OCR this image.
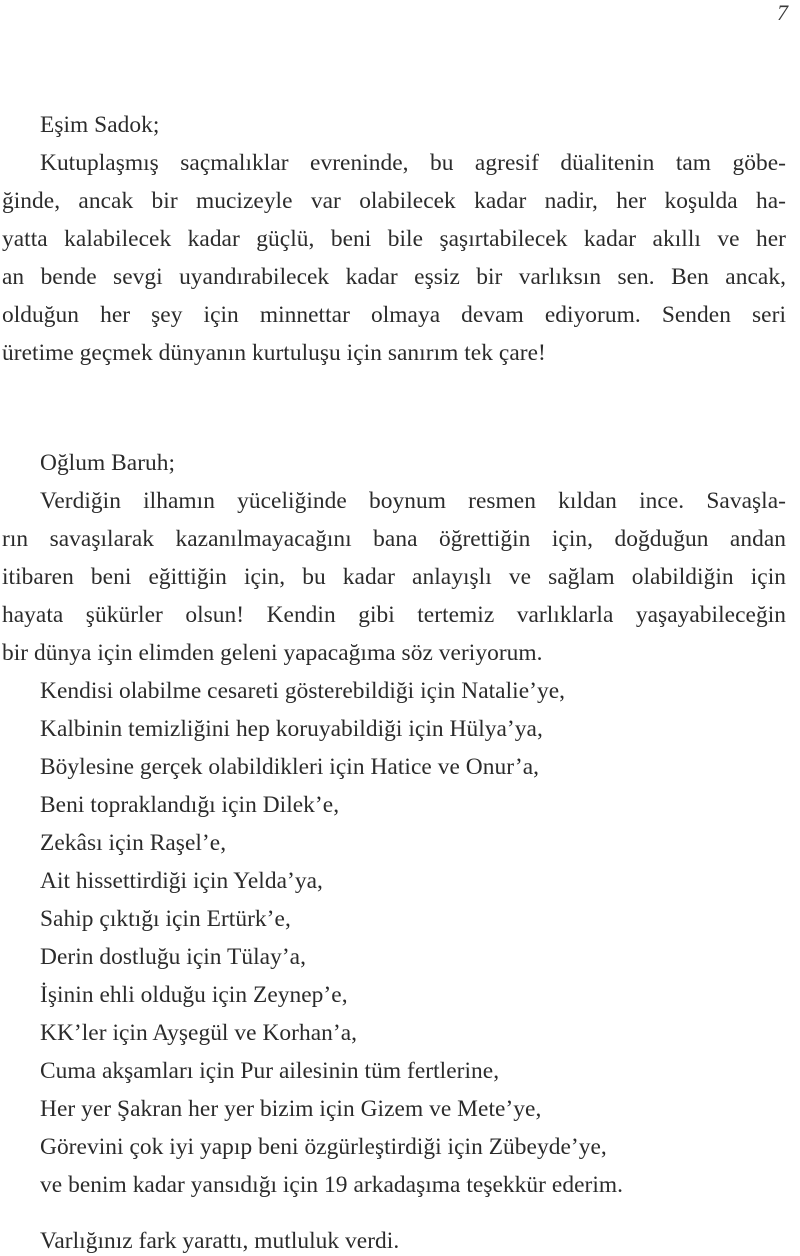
7
Eşim Sadok;
Kutuplaşmış saçmalıklar evreninde, bu agresif düalitenin tam göbe-
ğinde, ancak bir mucizeyle var olabilecek kadar nadir, her koşulda ha-
yatta kalabilecek kadar güçlü, beni bile şaşırtabilecek kadar akıllı ve her
an bende sevgi uyandırabilecek kadar eşsiz bir varlıksın sen. Ben ancak,
olduğun her şey için minnettar olmaya devam ediyorum. Senden seri
üretime geçmek dünyanın kurtuluşu için sanırım tek çare!
Oğlum Baruh;
Verdiğin ilhamın yüceliğinde boynum resmen kıldan ince. Savaşla-
rın savaşılarak kazanılmayacağını bana öğrettiğin için, doğduğun andan
itibaren beni eğittiğin için, bu kadar anlayışlı ve sağlam olabildiğin için
hayata şükürler olsun! Kendin gibi tertemiz varlıklarla yaşayabileceğin
bir dünya için elimden geleni yapacağıma söz veriyorum.
Kendisi olabilme cesareti gösterebildiği için Natalie’ye,
Kalbinin temizliğini hep koruyabildiği için Hülya’ya,
Böylesine gerçek olabildikleri için Hatice ve Onur’a,
Beni topraklandığı için Dilek’e,
Zekâsı için Raşel’e,
Ait hissettirdiği için Yelda’ya,
Sahip çıktığı için Ertürk’e,
Derin dostluğu için Tülay’a,
İşinin ehli olduğu için Zeynep’e,
KK’ler için Ayşegül ve Korhan’a,
Cuma akşamları için Pur ailesinin tüm fertlerine,
Her yer Şakran her yer bizim için Gizem ve Mete’ye,
Görevini çok iyi yapıp beni özgürleştirdiği için Zübeyde’ye,
ve benim kadar yansıdığı için 19 arkadaşıma teşekkür ederim.
Varlığınız fark yarattı, mutluluk verdi.
